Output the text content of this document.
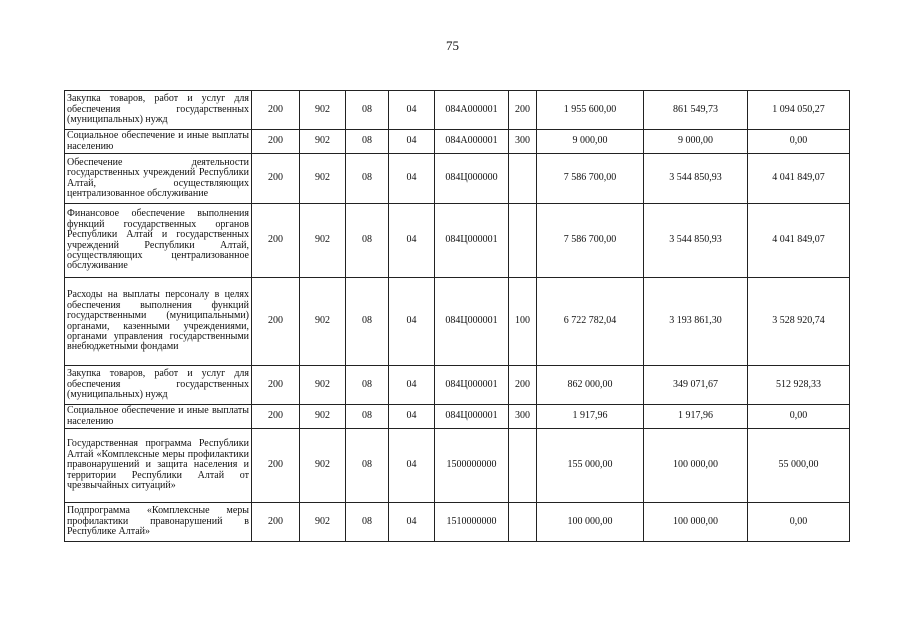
75
Закупка товаров, работ и услуг для обеспечения государственных (муниципальных) нужд	200	902	08	04	084А000001	200	1 955 600,00	861 549,73	1 094 050,27
Социальное обеспечение и иные выплаты населению	200	902	08	04	084А000001	300	9 000,00	9 000,00	0,00
Обеспечение деятельности государственных учреждений Республики Алтай, осуществляющих централизованное обслуживание	200	902	08	04	084Ц000000		7 586 700,00	3 544 850,93	4 041 849,07
Финансовое обеспечение выполнения функций государственных органов Республики Алтай и государственных учреждений Республики Алтай, осуществляющих централизованное обслуживание	200	902	08	04	084Ц000001		7 586 700,00	3 544 850,93	4 041 849,07
Расходы на выплаты персоналу в целях обеспечения выполнения функций государственными (муниципальными) органами, казенными учреждениями, органами управления государственными внебюджетными фондами	200	902	08	04	084Ц000001	100	6 722 782,04	3 193 861,30	3 528 920,74
Закупка товаров, работ и услуг для обеспечения государственных (муниципальных) нужд	200	902	08	04	084Ц000001	200	862 000,00	349 071,67	512 928,33
Социальное обеспечение и иные выплаты населению	200	902	08	04	084Ц000001	300	1 917,96	1 917,96	0,00
Государственная программа Республики Алтай «Комплексные меры профилактики правонарушений и защита населения и территории Республики Алтай от чрезвычайных ситуаций»	200	902	08	04	1500000000		155 000,00	100 000,00	55 000,00
Подпрограмма «Комплексные меры профилактики правонарушений в Республике Алтай»	200	902	08	04	1510000000		100 000,00	100 000,00	0,00
